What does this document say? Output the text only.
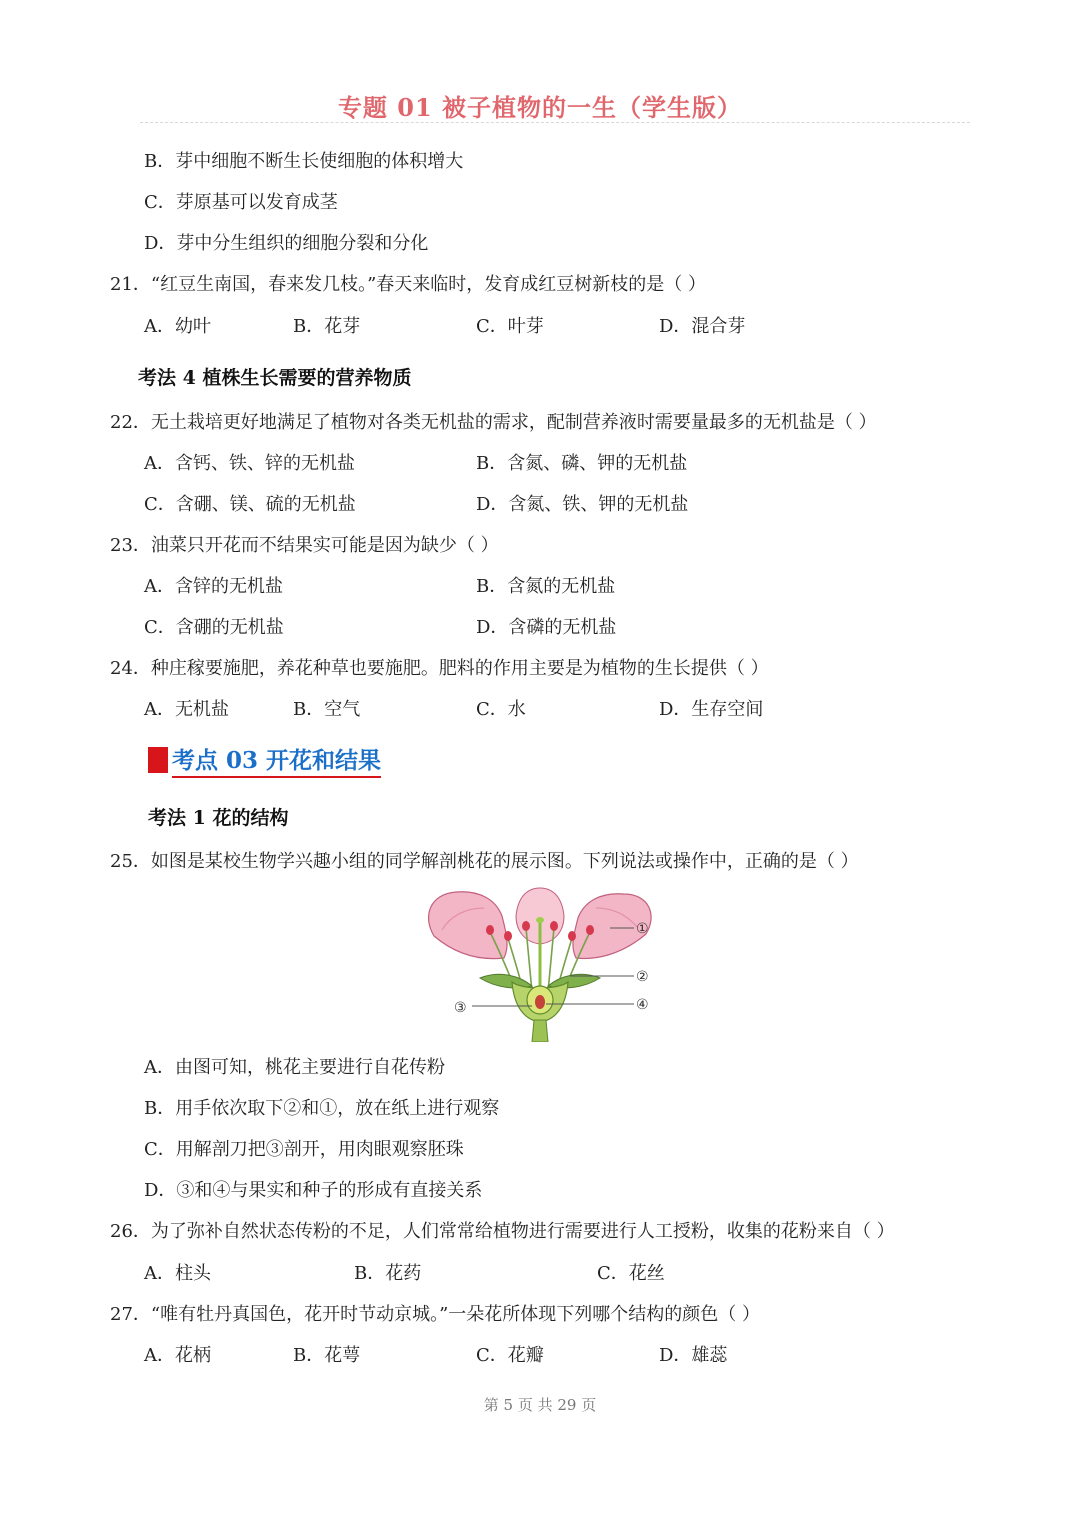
专题 01 被子植物的一生（学生版）
B．芽中细胞不断生长使细胞的体积增大
C．芽原基可以发育成茎
D．芽中分生组织的细胞分裂和分化
21．“红豆生南国，春来发几枝。”春天来临时，发育成红豆树新枝的是（ ）
A．幼叶	B．花芽	C．叶芽	D．混合芽
考法 4 植株生长需要的营养物质
22．无土栽培更好地满足了植物对各类无机盐的需求，配制营养液时需要量最多的无机盐是（ ）
A．含钙、铁、锌的无机盐	B．含氮、磷、钾的无机盐
C．含硼、镁、硫的无机盐	D．含氮、铁、钾的无机盐
23．油菜只开花而不结果实可能是因为缺少（ ）
A．含锌的无机盐	B．含氮的无机盐
C．含硼的无机盐	D．含磷的无机盐
24．种庄稼要施肥，养花种草也要施肥。肥料的作用主要是为植物的生长提供（ ）
A．无机盐	B．空气	C．水	D．生存空间
考点 03 开花和结果
考法 1 花的结构
25．如图是某校生物学兴趣小组的同学解剖桃花的展示图。下列说法或操作中，正确的是（ ）
①
②
③	④
A．由图可知，桃花主要进行自花传粉
B．用手依次取下②和①，放在纸上进行观察
C．用解剖刀把③剖开，用肉眼观察胚珠
D．③和④与果实和种子的形成有直接关系
26．为了弥补自然状态传粉的不足，人们常常给植物进行需要进行人工授粉，收集的花粉来自（ ）
A．柱头	B．花药	C．花丝
27．“唯有牡丹真国色，花开时节动京城。”一朵花所体现下列哪个结构的颜色（ ）
A．花柄	B．花萼	C．花瓣	D．雄蕊
第 5 页 共 29 页
